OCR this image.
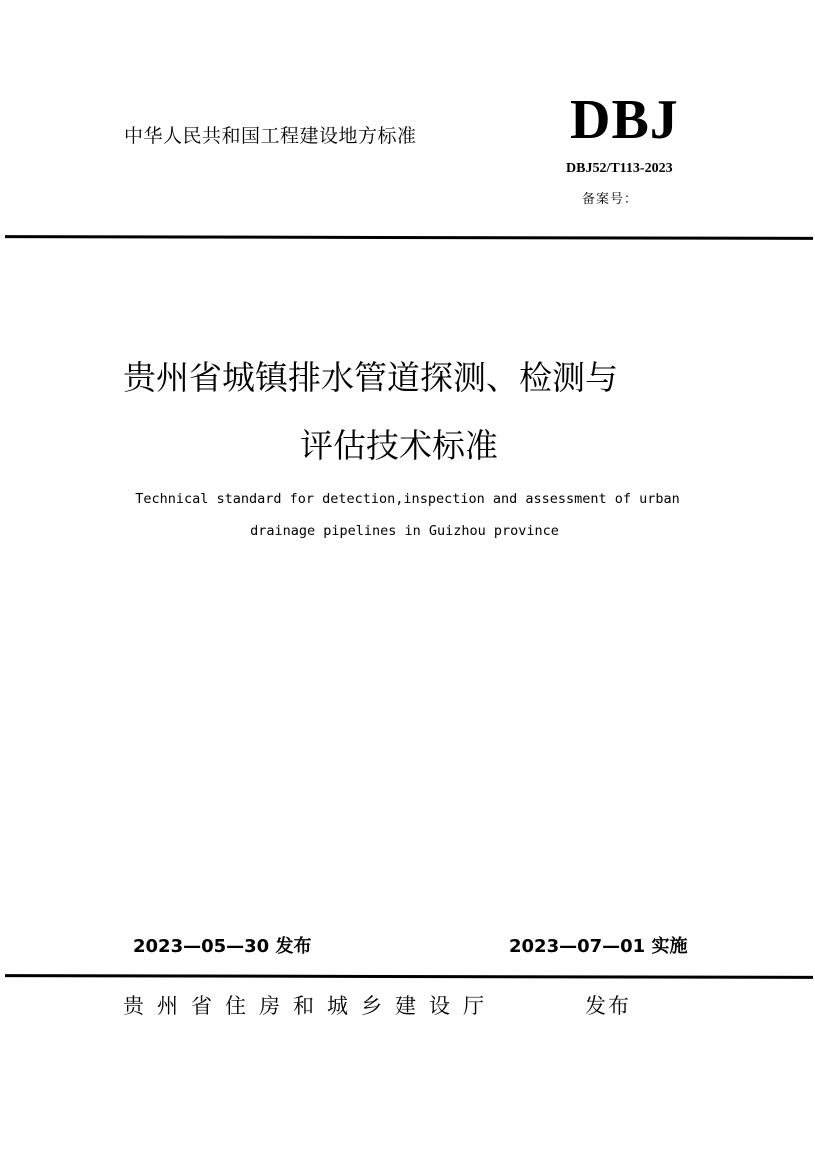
中华人民共和国工程建设地方标准	DBJ
DBJ52/T113-2023
备案号：
贵州省城镇排水管道探测、检测与
评估技术标准
Technical standard for detection,inspection and assessment of urban
drainage pipelines in Guizhou province
2023—05—30 发布	2023—07—01 实施
贵州省住房和城乡建设厅	发布
